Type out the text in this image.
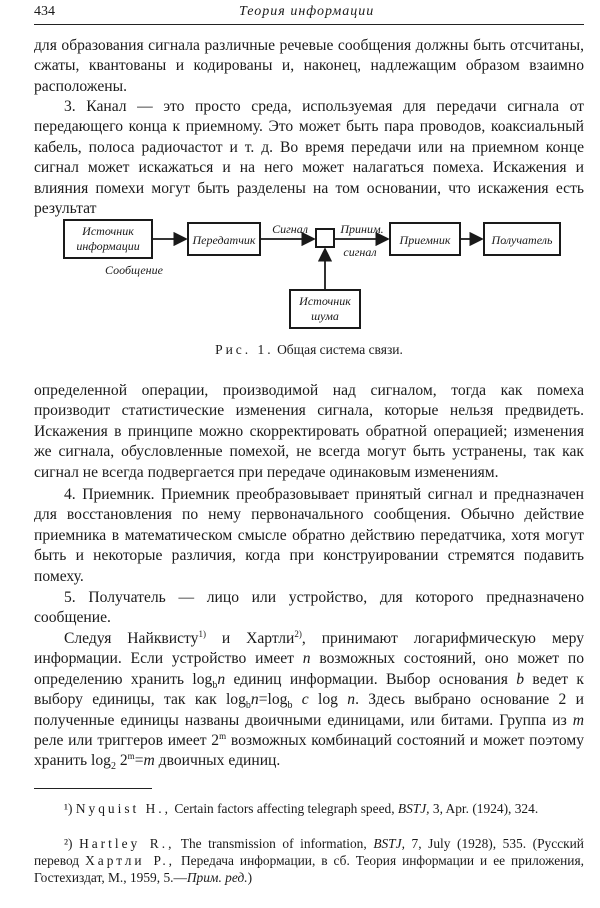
434	Теория информации

для образования сигнала различные речевые сообщения должны быть отсчитаны, сжаты, квантованы и кодированы и, наконец, надлежащим образом взаимно расположены.

3. Канал — это просто среда, используемая для передачи сигнала от передающего конца к приемному. Это может быть пара проводов, коаксиальный кабель, полоса радиочастот и т. д. Во время передачи или на приемном конце сигнал может искажаться и на него может налагаться помеха. Искажения и влияния помехи могут быть разделены на том основании, что искажения есть результат

Источник
информации
Сообщение
Передатчик
Сигнал	Приним.
сигнал
Приемник	Получатель
Источник
шума
Рис. 1. Общая система связи.

определенной операции, производимой над сигналом, тогда как помеха производит статистические изменения сигнала, которые нельзя предвидеть. Искажения в принципе можно скорректировать обратной операцией; изменения же сигнала, обусловленные помехой, не всегда могут быть устранены, так как сигнал не всегда подвергается при передаче одинаковым изменениям.

4. Приемник. Приемник преобразовывает принятый сигнал и предназначен для восстановления по нему первоначального сообщения. Обычно действие приемника в математическом смысле обратно действию передатчика, хотя могут быть и некоторые различия, когда при конструировании стремятся подавить помеху.

5. Получатель — лицо или устройство, для которого предназначено сообщение.

Следуя Найквисту$^{1)}$ и Хартли$^{2)}$, принимают логарифмическую меру информации. Если устройство имеет n возможных состояний, оно может по определению хранить $\log_bn$ единиц информации. Выбор основания b ведет к выбору единицы, так как $\log_bn=\log_b$ c log n. Здесь выбрано основание 2 и полученные единицы названы двоичными единицами, или битами. Группа из m реле или триггеров имеет 2$^m$ возможных комбинаций состояний и может поэтому хранить $\log_2 2^m=m$ двоичных единиц.

¹) Nyquist H., Certain factors affecting telegraph speed, BSTJ, 3, Apr. (1924), 324.

²) Hartley R., The transmission of information, BSTJ, 7, July (1928), 535. (Русский перевод Хартли Р., Передача информации, в сб. Теория информации и ее приложения, Гостехиздат, М., 1959, 5.—Прим. ред.)
